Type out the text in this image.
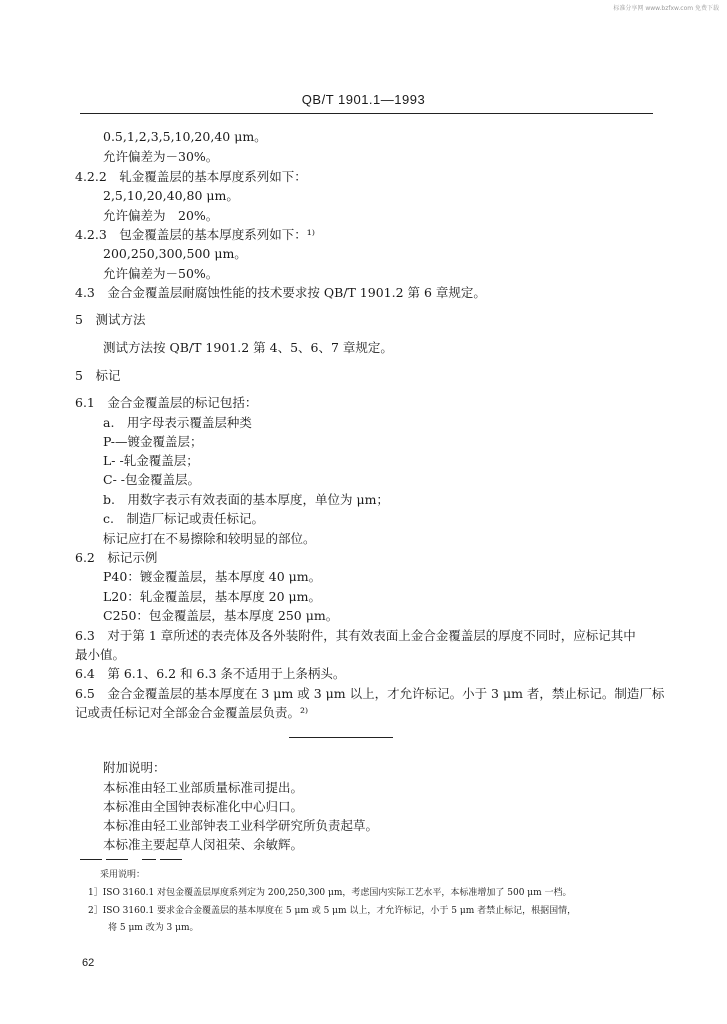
标准分享网 www.bzfxw.com 免费下载
QB/T 1901.1—1993
0.5,1,2,3,5,10,20,40 μm。
允许偏差为－30%。
4.2.2　轧金覆盖层的基本厚度系列如下：
2,5,10,20,40,80 μm。
允许偏差为　20%。
4.2.3　包金覆盖层的基本厚度系列如下：¹⁾
200,250,300,500 μm。
允许偏差为－50%。
4.3　金合金覆盖层耐腐蚀性能的技术要求按 QB/T 1901.2 第 6 章规定。
5　测试方法
测试方法按 QB/T 1901.2 第 4、5、6、7 章规定。
5　标记
6.1　金合金覆盖层的标记包括：
a.　用字母表示覆盖层种类
P-—镀金覆盖层；
L- -轧金覆盖层；
C- -包金覆盖层。
b.　用数字表示有效表面的基本厚度，单位为 μm；
c.　制造厂标记或责任标记。
标记应打在不易擦除和较明显的部位。
6.2　标记示例
P40：镀金覆盖层，基本厚度 40 μm。
L20：轧金覆盖层，基本厚度 20 μm。
C250：包金覆盖层，基本厚度 250 μm。
6.3　对于第 1 章所述的表壳体及各外装附件，其有效表面上金合金覆盖层的厚度不同时，应标记其中
最小值。
6.4　第 6.1、6.2 和 6.3 条不适用于上条柄头。
6.5　金合金覆盖层的基本厚度在 3 μm 或 3 μm 以上，才允许标记。小于 3 μm 者，禁止标记。制造厂标
记或责任标记对全部金合金覆盖层负责。²⁾
附加说明：
本标准由轻工业部质量标准司提出。
本标准由全国钟表标准化中心归口。
本标准由轻工业部钟表工业科学研究所负责起草。
本标准主要起草人闵祖荣、余敏辉。
采用说明：
1］ISO 3160.1 对包金覆盖层厚度系列定为 200,250,300 μm，考虑国内实际工艺水平，本标准增加了 500 μm 一档。
2］ISO 3160.1 要求金合金覆盖层的基本厚度在 5 μm 或 5 μm 以上，才允许标记，小于 5 μm 者禁止标记，根据国情，
将 5 μm 改为 3 μm。
62
